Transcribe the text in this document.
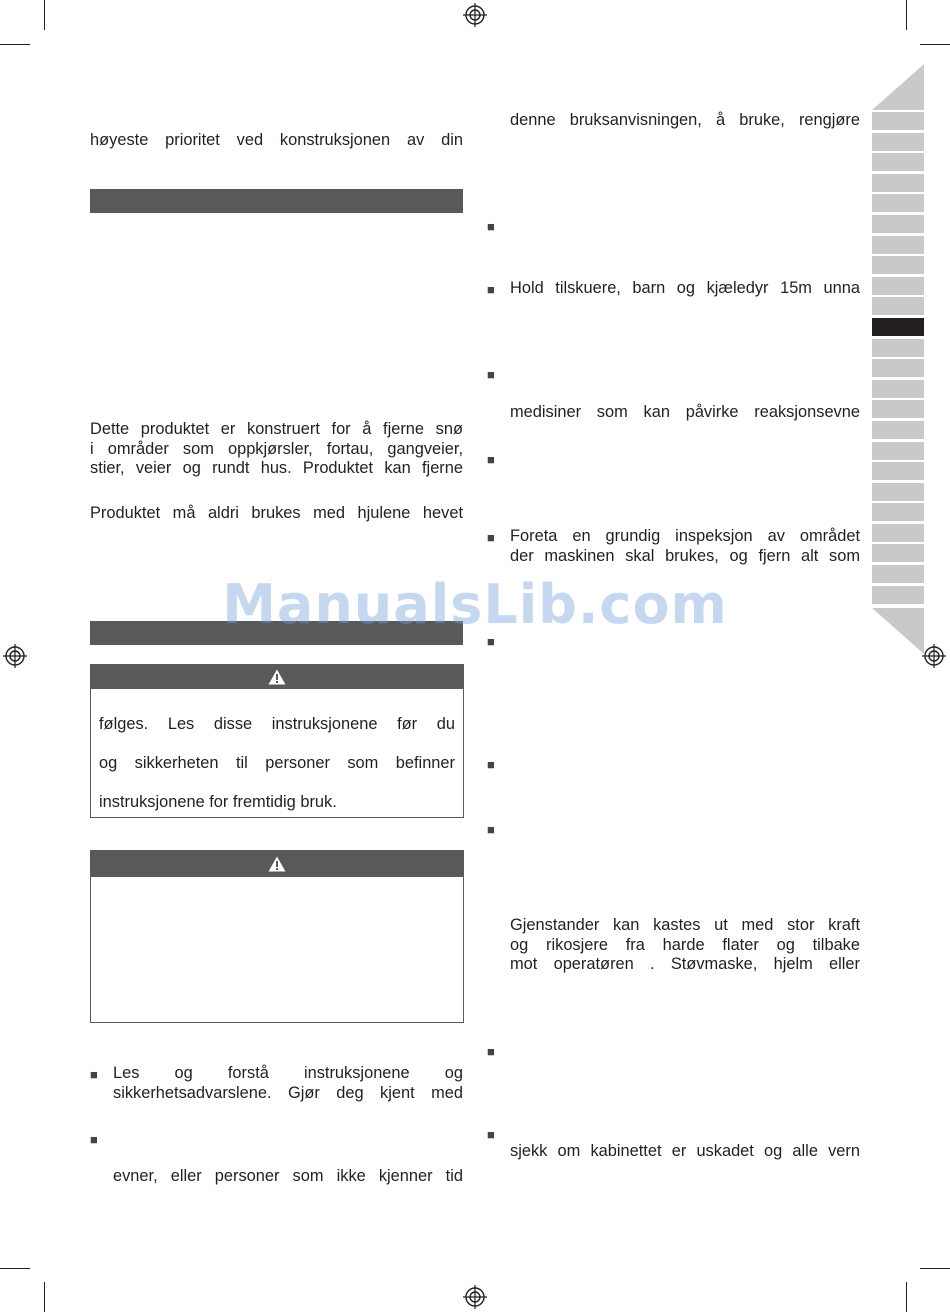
høyeste prioritet ved konstruksjonen av din
Dette produktet er konstruert for å fjerne snø
i områder som oppkjørsler, fortau, gangveier,
stier, veier og rundt hus. Produktet kan fjerne
Produktet må aldri brukes med hjulene hevet
følges. Les disse instruksjonene før du
og sikkerheten til personer som befinner
instruksjonene for fremtidig bruk.
■ Les og forstå instruksjonene og
sikkerhetsadvarslene. Gjør deg kjent med
■
evner, eller personer som ikke kjenner tid
denne bruksanvisningen, å bruke, rengjøre
■
■ Hold tilskuere, barn og kjæledyr 15m unna
■
medisiner som kan påvirke reaksjonsevne
■
■ Foreta en grundig inspeksjon av området
der maskinen skal brukes, og fjern alt som
■
■
■
Gjenstander kan kastes ut med stor kraft
og rikosjere fra harde flater og tilbake
mot operatøren . Støvmaske, hjelm eller
■
■
sjekk om kabinettet er uskadet og alle vern
ManualsLib.com
